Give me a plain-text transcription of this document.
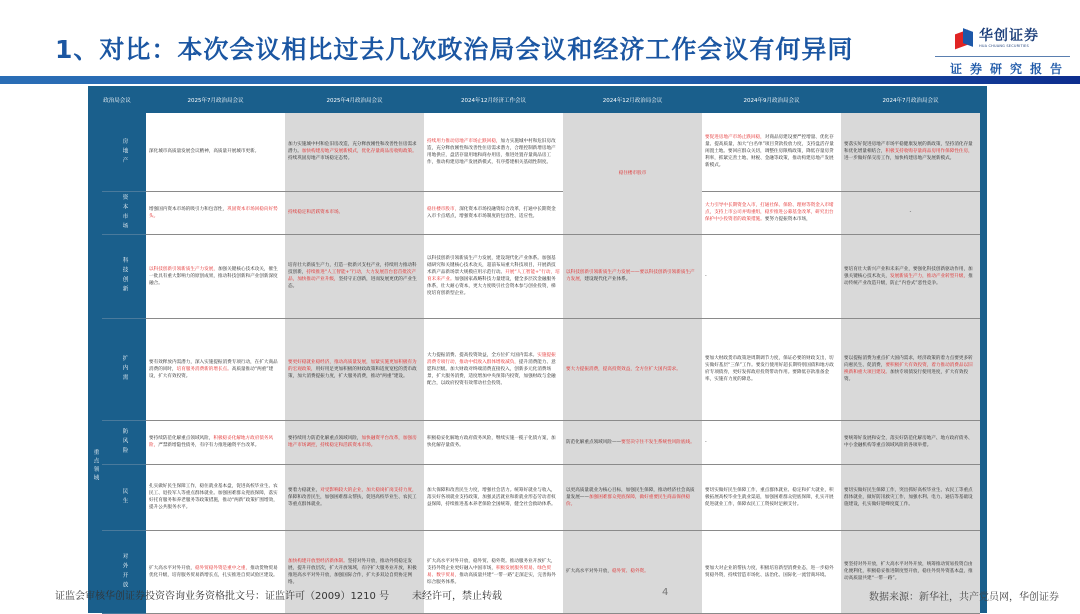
1、对比：本次会议相比过去几次政治局会议和经济工作会议有何异同	华创证券
HUA CHUANG SECURITIES
证券研究报告
政治局会议		2025年7月政治局会议	2025年4月政治局会议	2024年12月经济工作会议	2024年12月政治局会议	2024年9月政治局会议	2024年7月政治局会议	
	房地产	深化城市高质量发展会议精神，高质量开展城市更新。	加力实施城中村和危旧房改造，充分释放刚性和改善性住房需求潜力。加快构建房地产发展新模式，优化存量商品房收购政策。持续巩固房地产市场稳定态势。	持续用力推动房地产市场止跌回稳，加力实施城中村和危旧房改造，充分释放刚性和改善性住房需求潜力，合理控制新增房地产用地供应，盘活存量用地和商办用房，推进处置存量商品房工作，推动构建房地产发展新模式，有序搭建相关基础性制度。	稳住楼市股市	要促进房地产市场止跌回稳，对商品房建设要严控增量、优化存量、提高质量，加大“白名单”项目贷款投放力度，支持盘活存量闲置土地。要回应群众关切，调整住房限购政策，降低存量房贷利率，抓紧完善土地、财税、金融等政策，推动构建房地产发展新模式。	要落实好促进房地产市场平稳健康发展的新政策，坚持消化存量和优化增量相结合，积极支持收购存量商品房用作保障性住房，进一步做好保交房工作，加快构建房地产发展新模式。	
	资本市场	增强国内资本市场的吸引力和包容性，巩固资本市场回稳向好势头。	持续稳定和活跃资本市场。	稳住楼市股市，深化资本市场投融资综合改革，打通中长期资金入市卡点堵点，增强资本市场制度的包容性、适应性。		大力引导中长期资金入市，打通社保、保险、理财等资金入市堵点，支持上市公司并购重组，稳步推进公募基金改革，研究出台保护中小投资者的政策措施。要努力提振资本市场，	-	
	科技创新	以科技创新引领新质生产力发展，加强关键核心技术攻关，催生一批具有重大影响力的原创成果，推动科技创新和产业创新深度融合。	培育壮大新质生产力，打造一批新兴支柱产业，持续用力推动科技创新，持续推进“人工智能+”行动，大力发展首台套首批次产品，加快推动产业升级，坚持守正创新，进而发展更优的产业生态。	以科技创新引领新质生产力发展，建设现代化产业体系。加强基础研究和关键核心技术攻关，超前布局重大科技项目，开展新技术新产品新场景大规模应用示范行动。开展“人工智能+”行动，培育未来产业。加强国家战略科技力量建设，健全多层次金融服务体系，壮大耐心资本，更大力度吸引社会资本参与创业投资，梯度培育创新型企业。	以科技创新引领新质生产力发展——要以科技创新引领新质生产力发展，建设现代化产业体系。	-	要培育壮大新兴产业和未来产业，要强化科技创新驱动作用，加强关键核心技术攻关，发展新质生产力，推动产业转型升级，推动传统产业改造升级，防止“内卷式”恶性竞争。	
重点领域	扩内需	要有效释放内需潜力，深入实施提振消费专项行动，在扩大商品消费的同时，培育服务消费新的增长点。高质量推动“两重”建设，扩大有效投资。	要更好稳就业稳经济，推动高质量发展，加紧实施更加积极有为的宏观政策，用好用足更加积极的财政政策和适度宽松的货币政策，加大消费提振力度，扩大服务消费，推动“两重”建设。	大力提振消费、提高投资效益，全方位扩大国内需求。实施提振消费专项行动，推动中低收入群体增收减负，提升消费能力、意愿和层级。加大财政对终端消费直接投入，创新多元化消费场景，扩大服务消费，适度增加中央预算内投资，加强财政与金融配合，以政府投资有效带动社会投资。	要大力提振消费，提高投资效益，全方位扩大国内需求。	要加大财政货币政策逆周期调节力度，保证必要的财政支出，切实做好基层“三保”工作。要发行使用好超长期特别国债和地方政府专项债券，更好发挥政府投资带动作用。要降低存款准备金率，实施有力度的降息。	要以提振消费为重点扩大国内需求，经济政策的着力点要更多转向惠民生、促消费，要积极扩大有效投资，着力推动消费品以旧换新和重大项目建设。加快专项债发行使用进度，扩大有效投资。	
	防风险	要持续防范化解重点领域风险，积极稳妥化解地方政府债务风险，严禁新增隐性债务，有序有力推进融资平台改革。	要持续用力防范化解重点领域风险，加快融资平台改革，加强房地产市场调控，持续稳定和活跃资本市场。	积极稳妥化解地方政府债务风险，继续实施一揽子化债方案，加快化解存量债务。	防范化解重点领域风险——要坚决守住不发生系统性风险底线。	-	要统筹好发展和安全，落实好防范化解房地产、地方政府债务、中小金融机构等重点领域风险的各项举措。	
	民生	扎实做好民生保障工作，稳住就业基本盘，促进高校毕业生、农民工、退役军人等重点群体就业。加强困难群众兜底保障，落实好托育服务和养老服务等政策措施，推动“两新”政策扩围增效，提升公共服务水平。	要着力稳就业，对受影响较大的企业，加大稳岗扩岗支持力度，保障和改善民生，加强困难群众帮扶，促进高校毕业生、农民工等重点群体就业。	加大保障和改善民生力度，增强社会活力。统筹好就业与收入，落实好各项就业支持政策，加强灵活就业和新就业形态劳动者权益保障，持续推进基本养老保险全国统筹，健全社会救助体系。	以更高质量就业为核心目标，加强民生保障，推动经济社会高质量发展——加强困难群众兜底保障，做好重要民生商品保供稳价。	要切实做好民生保障工作，重点群体就业、稳定和扩大就业，积极拓展高校毕业生就业渠道，加强困难群众兜底保障，扎实开展促进就业工作，保障农民工工资按时足额支付。	要切实做好民生保障工作，突出抓好高校毕业生、农民工等重点群体就业，做好防汛救灾工作，加强水利、电力、通信等基础设施建设，扎实做好迎峰度夏工作。	
	对外开放	扩大高水平对外开放，稳外贸稳外资是重中之重，推动货物贸易优化升级，培育服务贸易新增长点，扎实推进自贸试验区建设。	加快构建开放型经济新体制。坚持对外开放，推动外贸稳定发展，提升开放层次，扩大开放领域，有序扩大服务业开放，积极推进高水平对外开放，加强国际合作，扩大多双边自贸协定网络。	扩大高水平对外开放，稳外贸、稳外资。推动服务业开放扩大，支持外资企业更好融入中国市场，积极发展服务贸易、绿色贸易、数字贸易，推动高质量共建“一带一路”走深走实，完善海外综合服务体系。	扩大高水平对外开放，稳外贸、稳外资。	要加大对企业的帮扶力度，积极培育新型消费业态，进一步稳外贸稳外资，持续营造市场化、法治化、国际化一流营商环境。	要坚持对外开放，扩大高水平对外开放，统筹推动贸易投资自由化便利化，积极稳妥推进制度型开放，稳住外贸外资基本盘，推动高质量共建“一带一路”。	
证监会审核华创证券投资咨询业务资格批文号：证监许可（2009）1210 号 未经许可，禁止转载	4	数据来源：新华社，共产党员网，华创证券
